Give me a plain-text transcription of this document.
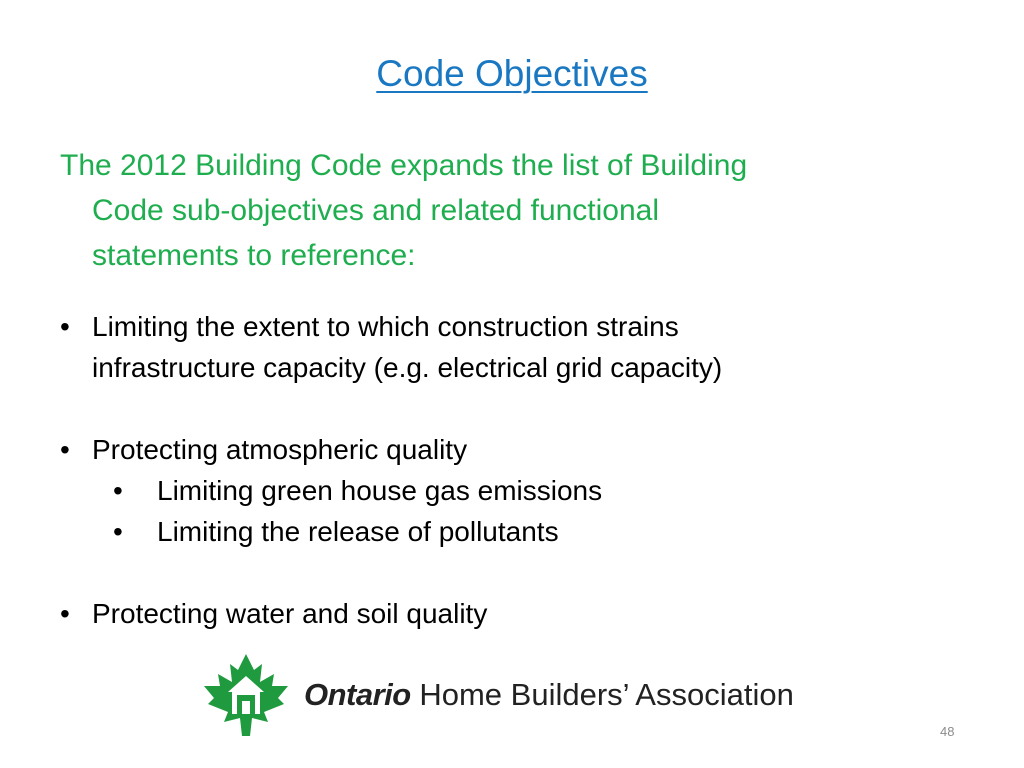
Code Objectives
The 2012 Building Code expands the list of Building
Code sub-objectives and related functional
statements to reference:
• Limiting the extent to which construction strains
infrastructure capacity (e.g. electrical grid capacity)
• Protecting atmospheric quality
• Limiting green house gas emissions
• Limiting the release of pollutants
• Protecting water and soil quality
Ontario Home Builders’ Association
48
